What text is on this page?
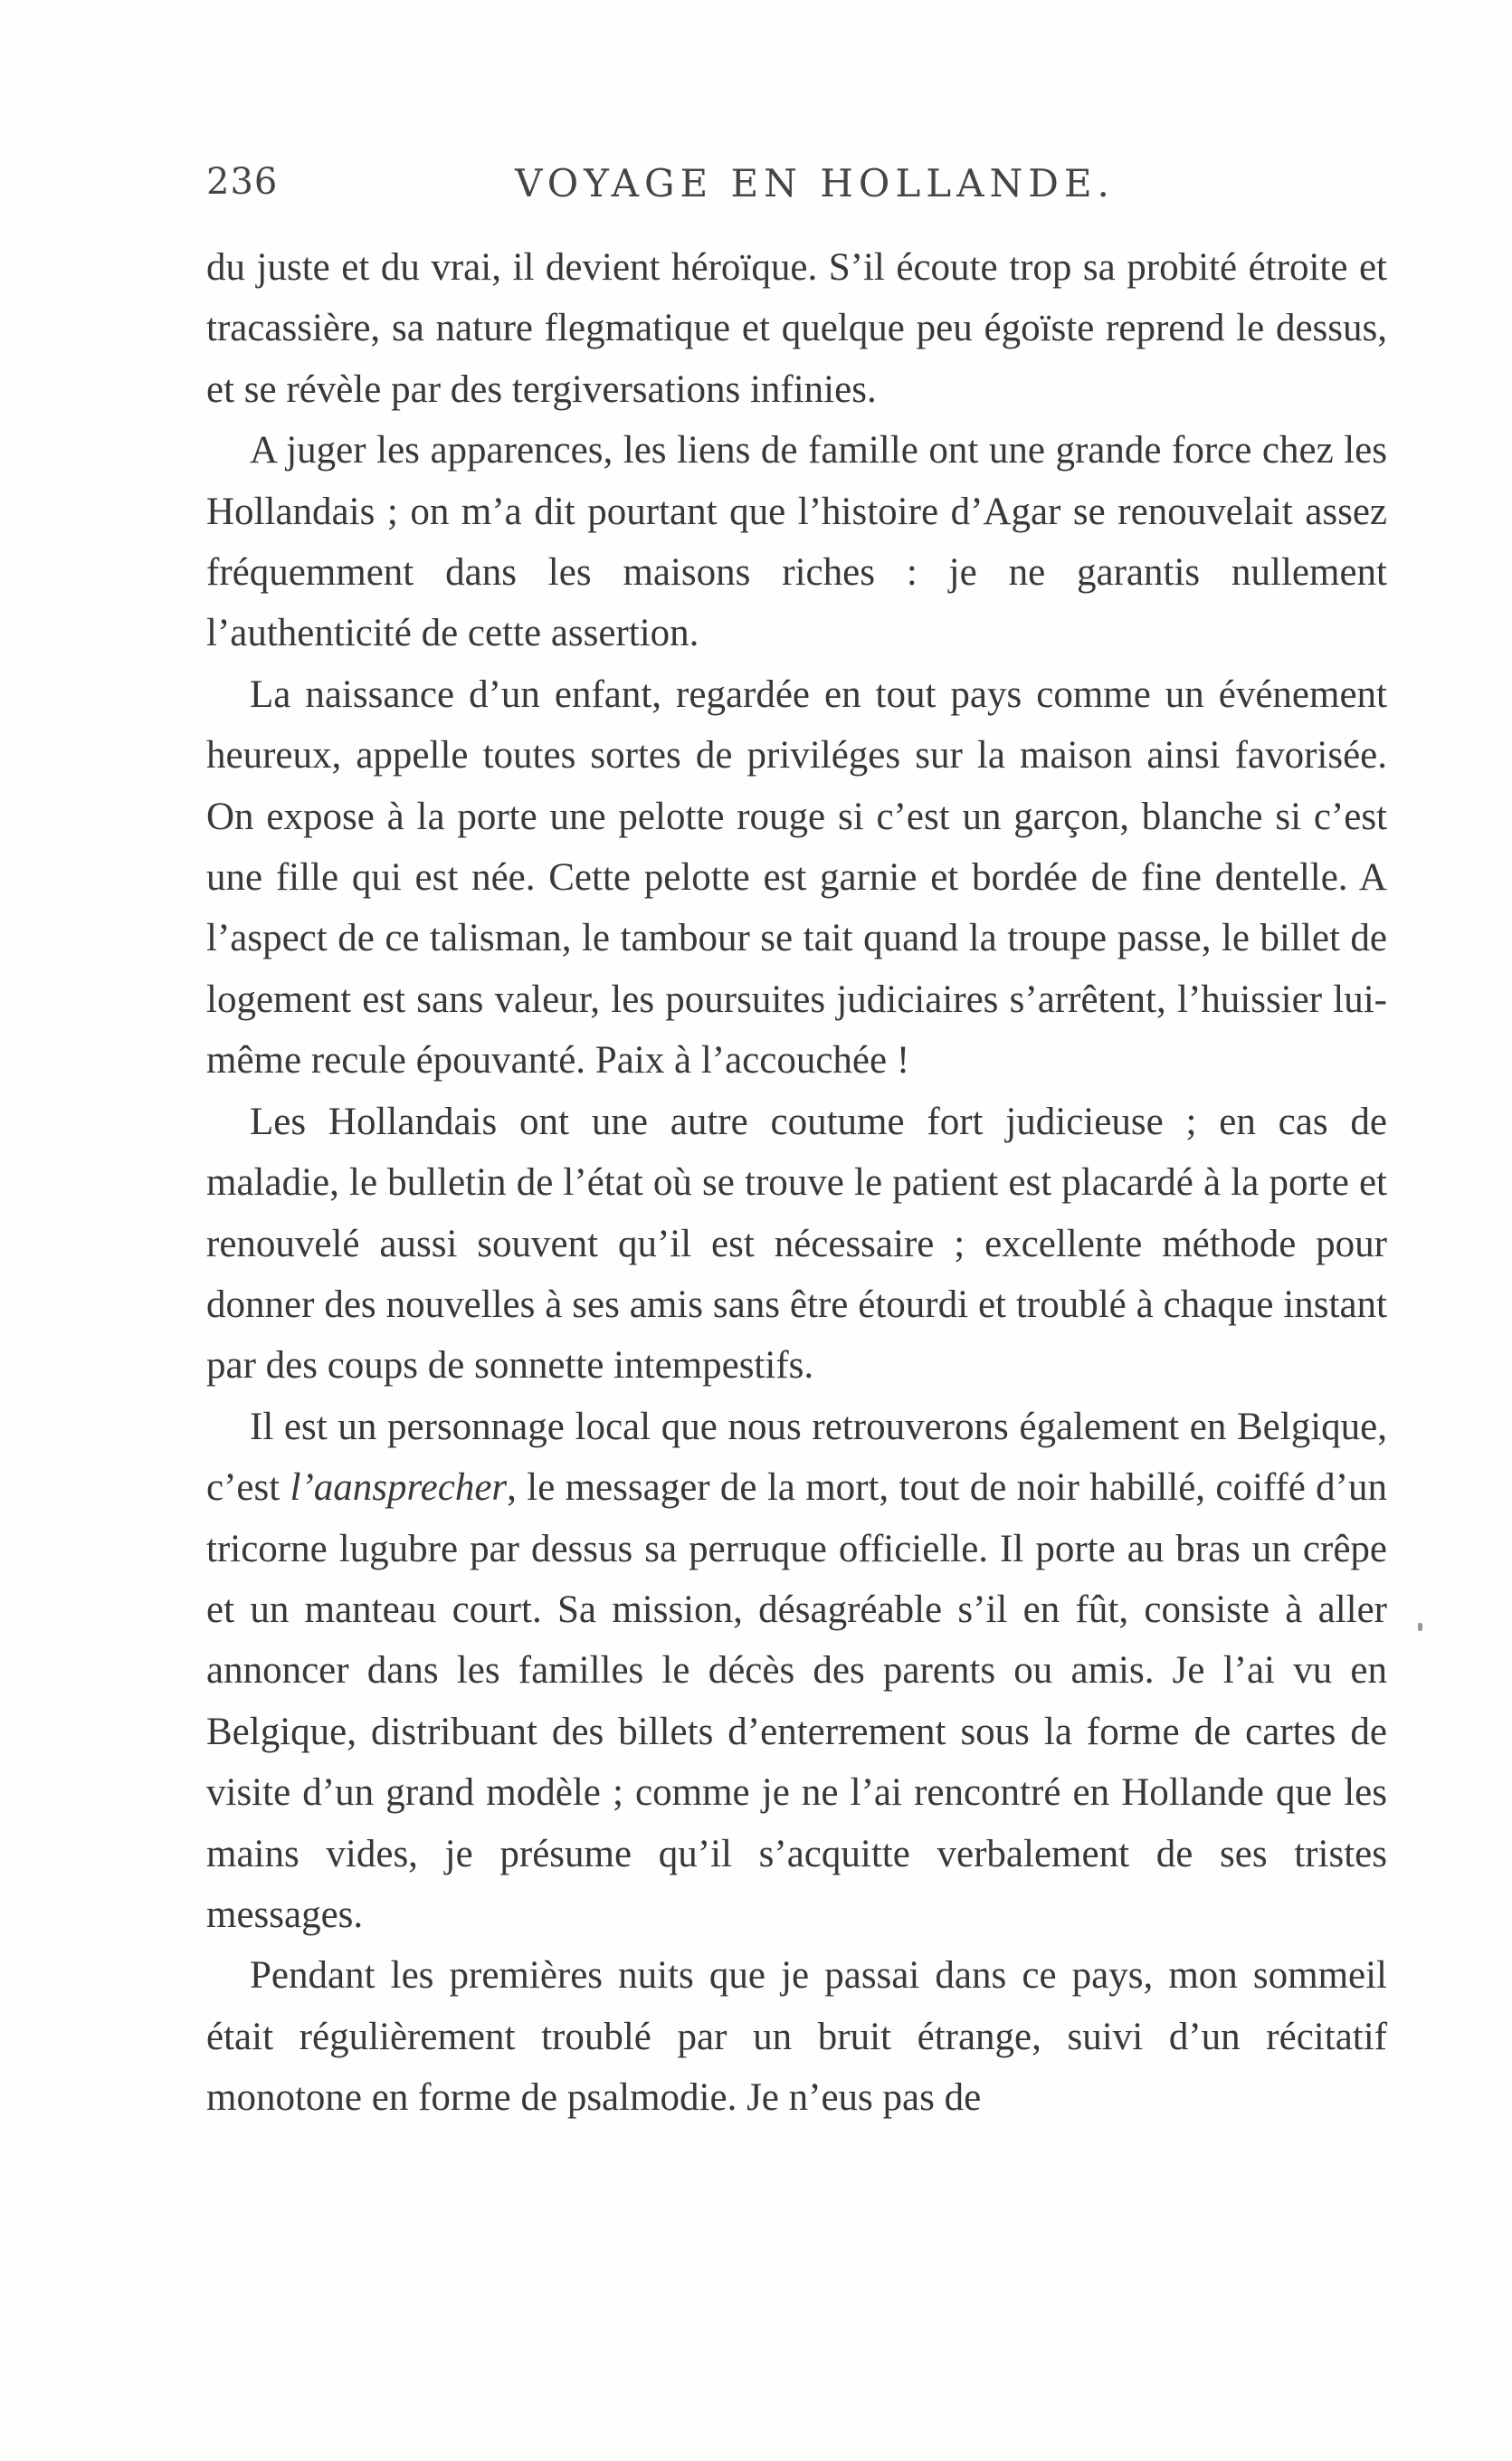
236	VOYAGE EN HOLLANDE.

du juste et du vrai, il devient héroïque. S’il écoute trop sa probité étroite et tracassière, sa nature flegmatique et quelque peu égoïste reprend le dessus, et se révèle par des tergiversations infinies.

A juger les apparences, les liens de famille ont une grande force chez les Hollandais ; on m’a dit pourtant que l’histoire d’Agar se renouvelait assez fréquemment dans les maisons riches : je ne garantis nullement l’authenticité de cette assertion.

La naissance d’un enfant, regardée en tout pays comme un événement heureux, appelle toutes sortes de priviléges sur la maison ainsi favorisée. On expose à la porte une pelotte rouge si c’est un garçon, blanche si c’est une fille qui est née. Cette pelotte est garnie et bordée de fine dentelle. A l’aspect de ce talisman, le tambour se tait quand la troupe passe, le billet de logement est sans valeur, les poursuites judiciaires s’arrêtent, l’huissier lui-même recule épouvanté. Paix à l’accouchée !

Les Hollandais ont une autre coutume fort judicieuse ; en cas de maladie, le bulletin de l’état où se trouve le patient est placardé à la porte et renouvelé aussi souvent qu’il est nécessaire ; excellente méthode pour donner des nouvelles à ses amis sans être étourdi et troublé à chaque instant par des coups de sonnette intempestifs.

Il est un personnage local que nous retrouverons également en Belgique, c’est l’aansprecher, le messager de la mort, tout de noir habillé, coiffé d’un tricorne lugubre par dessus sa perruque officielle. Il porte au bras un crêpe et un manteau court. Sa mission, désagréable s’il en fût, consiste à aller annoncer dans les familles le décès des parents ou amis. Je l’ai vu en Belgique, distribuant des billets d’enterrement sous la forme de cartes de visite d’un grand modèle ; comme je ne l’ai rencontré en Hollande que les mains vides, je présume qu’il s’acquitte verbalement de ses tristes messages.

Pendant les premières nuits que je passai dans ce pays, mon sommeil était régulièrement troublé par un bruit étrange, suivi d’un récitatif monotone en forme de psalmodie. Je n’eus pas de
